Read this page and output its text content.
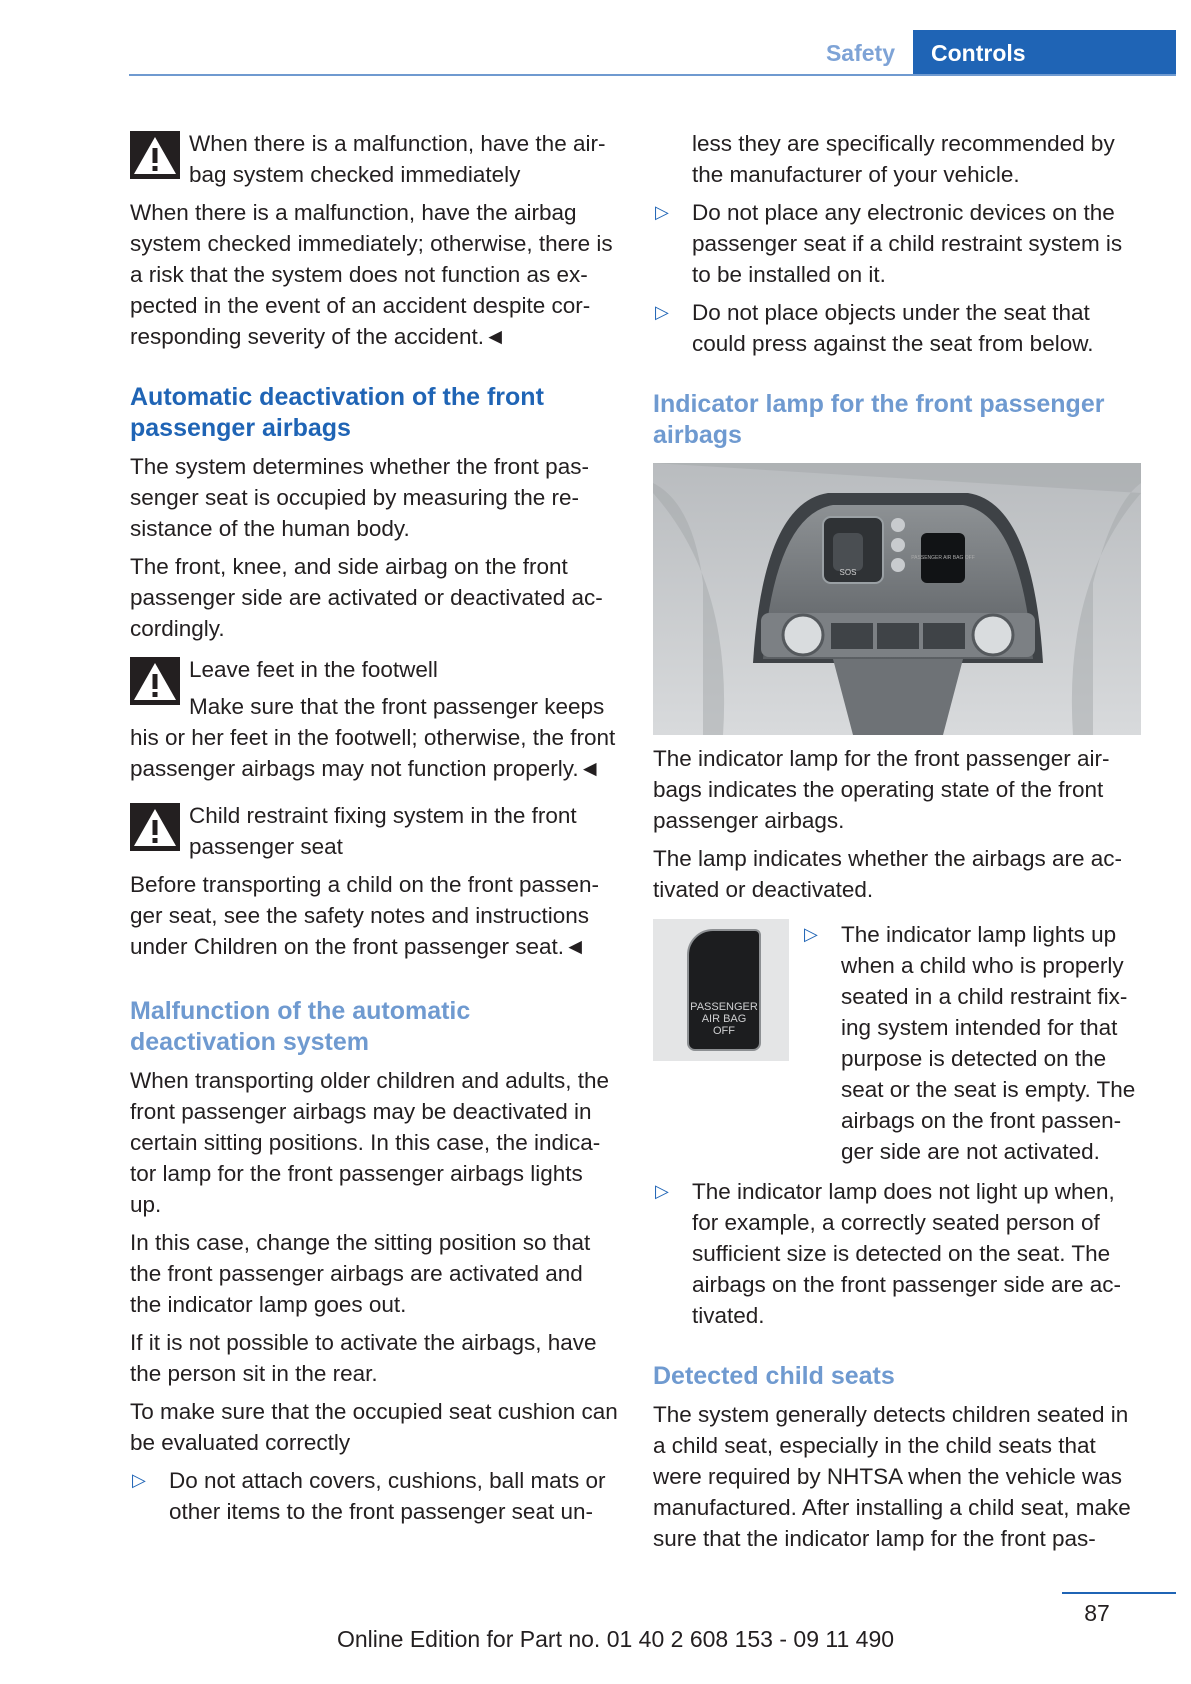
Safety	Controls
When there is a malfunction, have the air‐ bag system checked immediately

When there is a malfunction, have the airbag system checked immediately; otherwise, there is a risk that the system does not function as ex‐ pected in the event of an accident despite cor‐ responding severity of the accident.◄

Automatic deactivation of the front passenger airbags

The system determines whether the front pas‐ senger seat is occupied by measuring the re‐ sistance of the human body.

The front, knee, and side airbag on the front passenger side are activated or deactivated ac‐ cordingly.

Leave feet in the footwell

Make sure that the front passenger keeps his or her feet in the footwell; otherwise, the front passenger airbags may not function properly.◄

Child restraint fixing system in the front passenger seat

Before transporting a child on the front passen‐ ger seat, see the safety notes and instructions under Children on the front passenger seat.◄

Malfunction of the automatic deactivation system

When transporting older children and adults, the front passenger airbags may be deactivated in certain sitting positions. In this case, the indica‐ tor lamp for the front passenger airbags lights up.

In this case, change the sitting position so that the front passenger airbags are activated and the indicator lamp goes out.

If it is not possible to activate the airbags, have the person sit in the rear.

To make sure that the occupied seat cushion can be evaluated correctly

▷	Do not attach covers, cushions, ball mats or other items to the front passenger seat un‐
less they are specifically recommended by the manufacturer of your vehicle.
▷	Do not place any electronic devices on the passenger seat if a child restraint system is to be installed on it.
▷	Do not place objects under the seat that could press against the seat from below.
Indicator lamp for the front passenger airbags
SOS
PASSENGER AIR BAG OFF

The indicator lamp for the front passenger air‐ bags indicates the operating state of the front passenger airbags.

The lamp indicates whether the airbags are ac‐ tivated or deactivated.

PASSENGER
AIR BAG
OFF
▷	The indicator lamp lights up when a child who is properly seated in a child restraint fix‐ ing system intended for that purpose is detected on the seat or the seat is empty. The airbags on the front passen‐ ger side are not activated.
▷	The indicator lamp does not light up when, for example, a correctly seated person of sufficient size is detected on the seat. The airbags on the front passenger side are ac‐ tivated.
Detected child seats

The system generally detects children seated in a child seat, especially in the child seats that were required by NHTSA when the vehicle was manufactured. After installing a child seat, make sure that the indicator lamp for the front pas‐

87
Online Edition for Part no. 01 40 2 608 153 - 09 11 490
